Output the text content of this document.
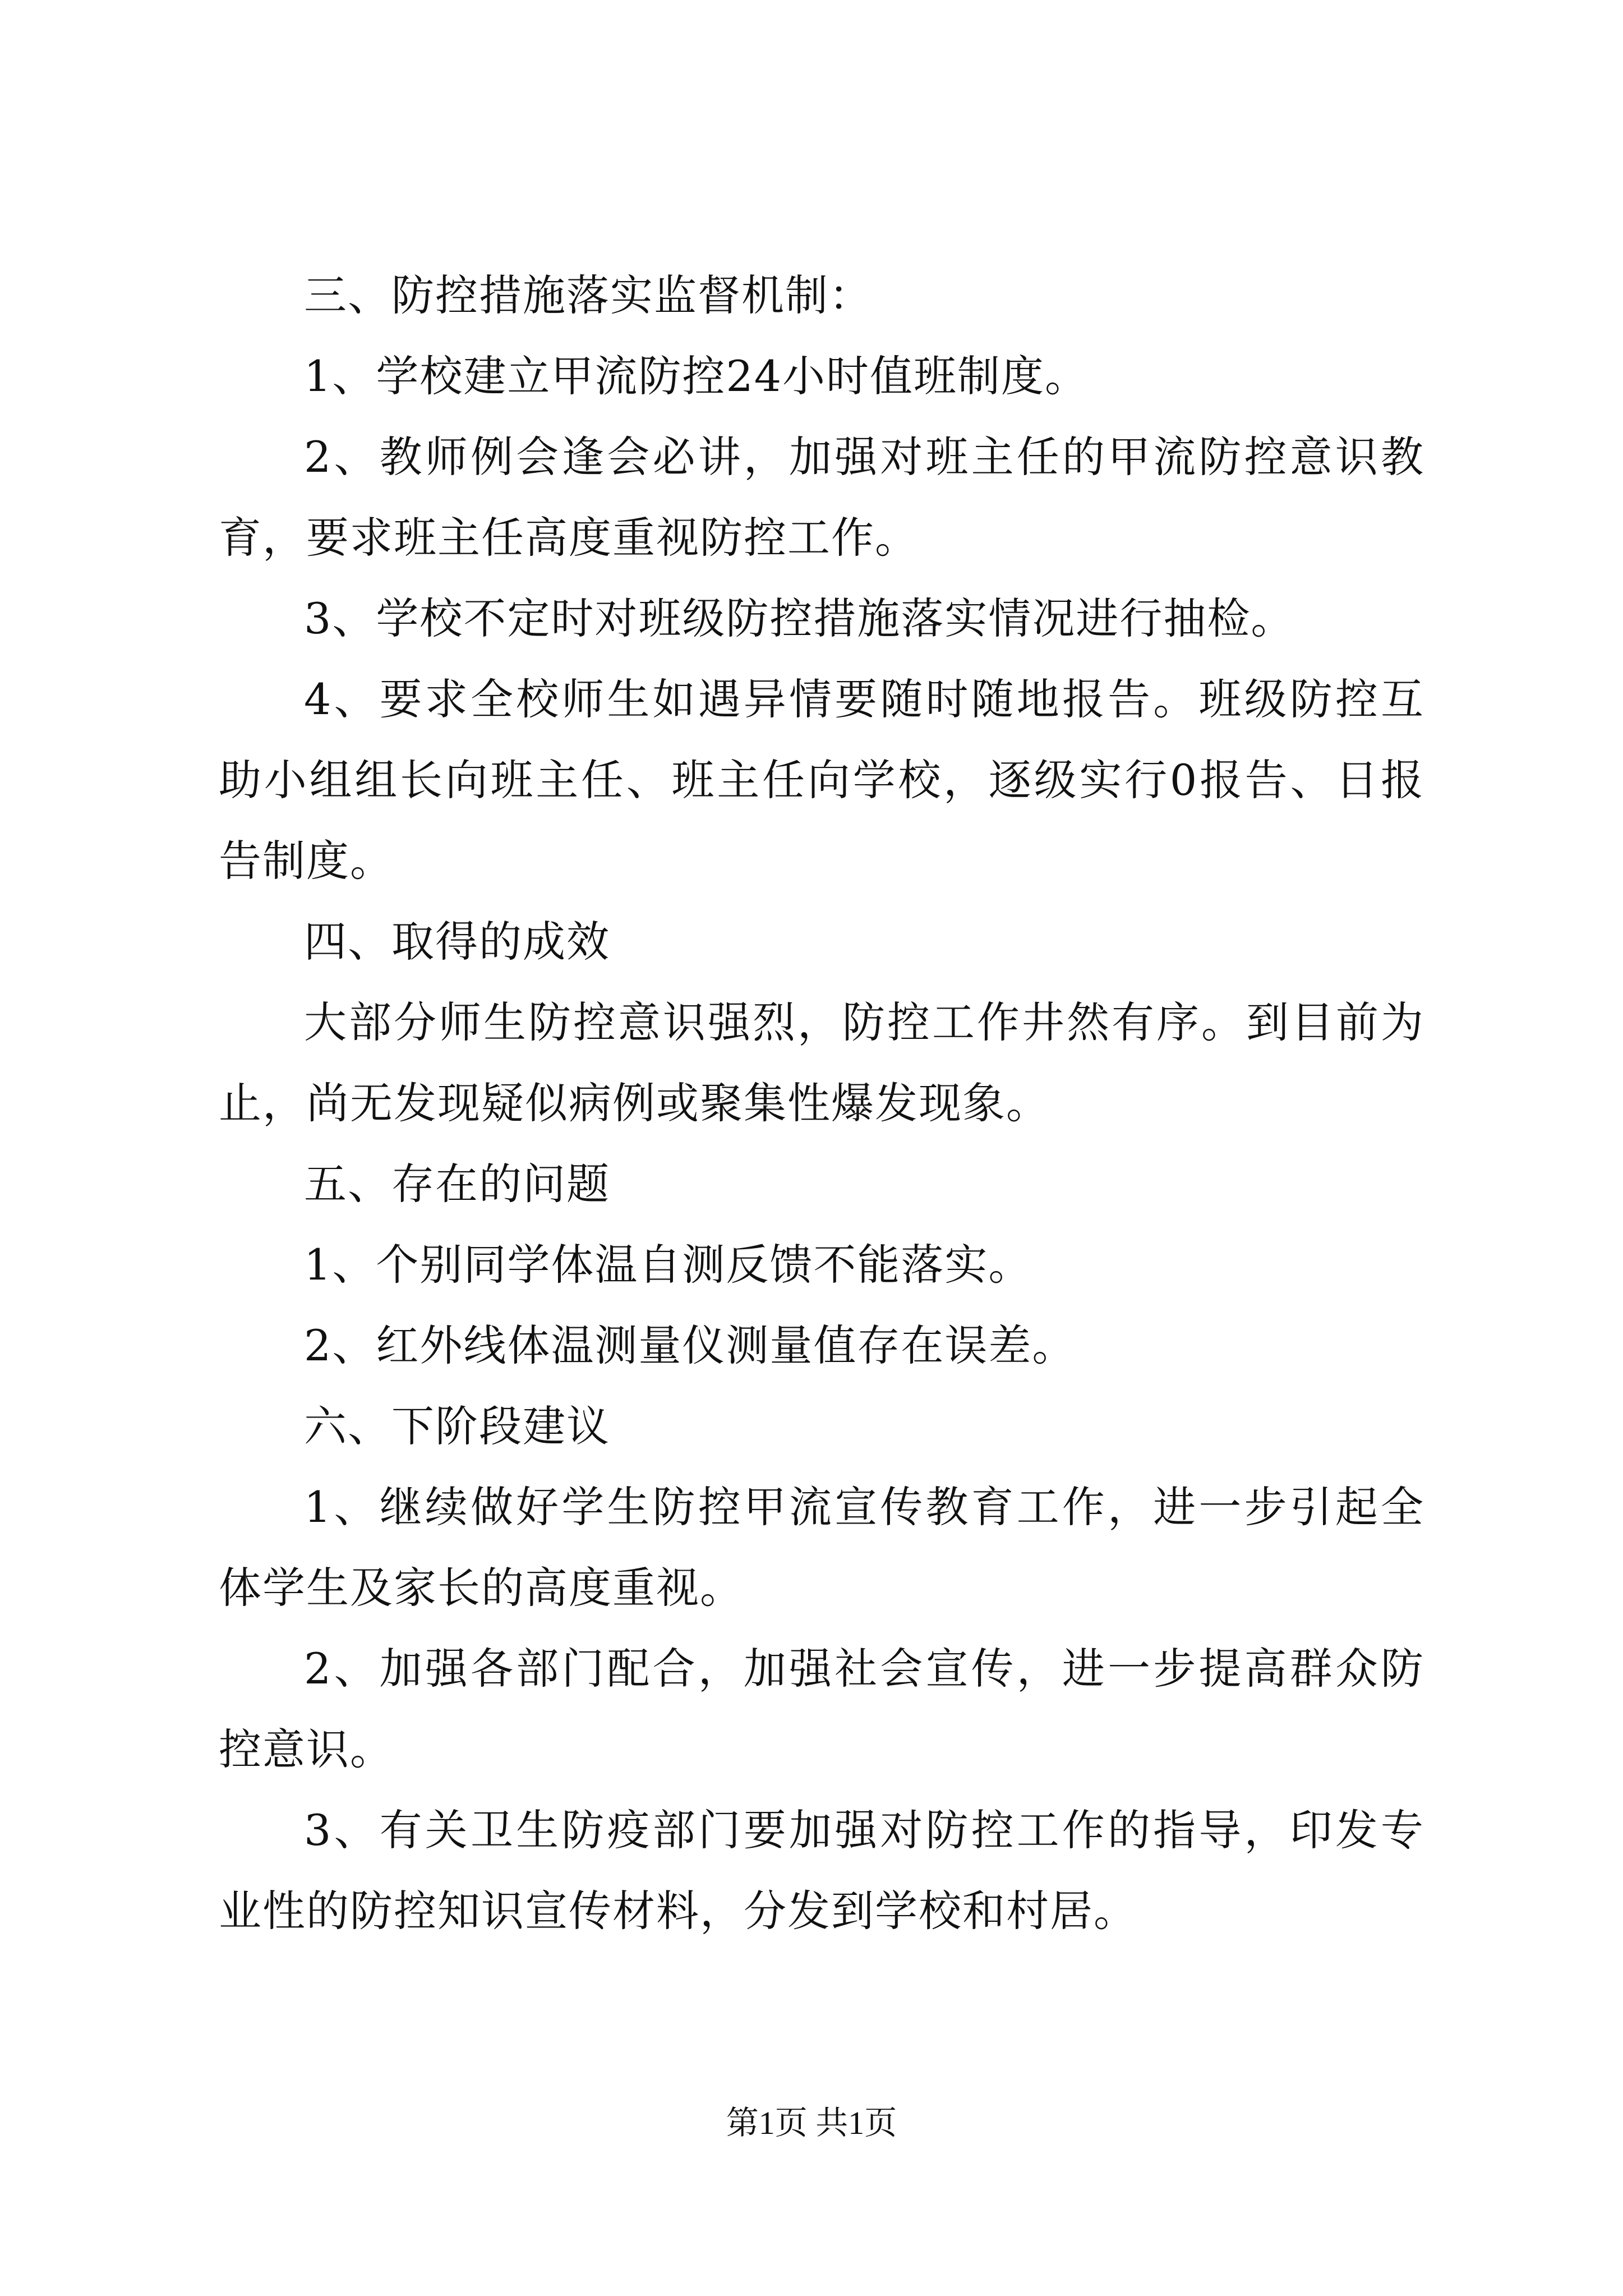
三、防控措施落实监督机制：

1、学校建立甲流防控24小时值班制度。

2、教师例会逢会必讲，加强对班主任的甲流防控意识教育，要求班主任高度重视防控工作。

3、学校不定时对班级防控措施落实情况进行抽检。

4、要求全校师生如遇异情要随时随地报告。班级防控互助小组组长向班主任、班主任向学校，逐级实行0报告、日报告制度。

四、取得的成效

大部分师生防控意识强烈，防控工作井然有序。到目前为止，尚无发现疑似病例或聚集性爆发现象。

五、存在的问题

1、个别同学体温自测反馈不能落实。

2、红外线体温测量仪测量值存在误差。

六、下阶段建议

1、继续做好学生防控甲流宣传教育工作，进一步引起全体学生及家长的高度重视。

2、加强各部门配合，加强社会宣传，进一步提高群众防控意识。

3、有关卫生防疫部门要加强对防控工作的指导，印发专业性的防控知识宣传材料，分发到学校和村居。

第1页 共1页
